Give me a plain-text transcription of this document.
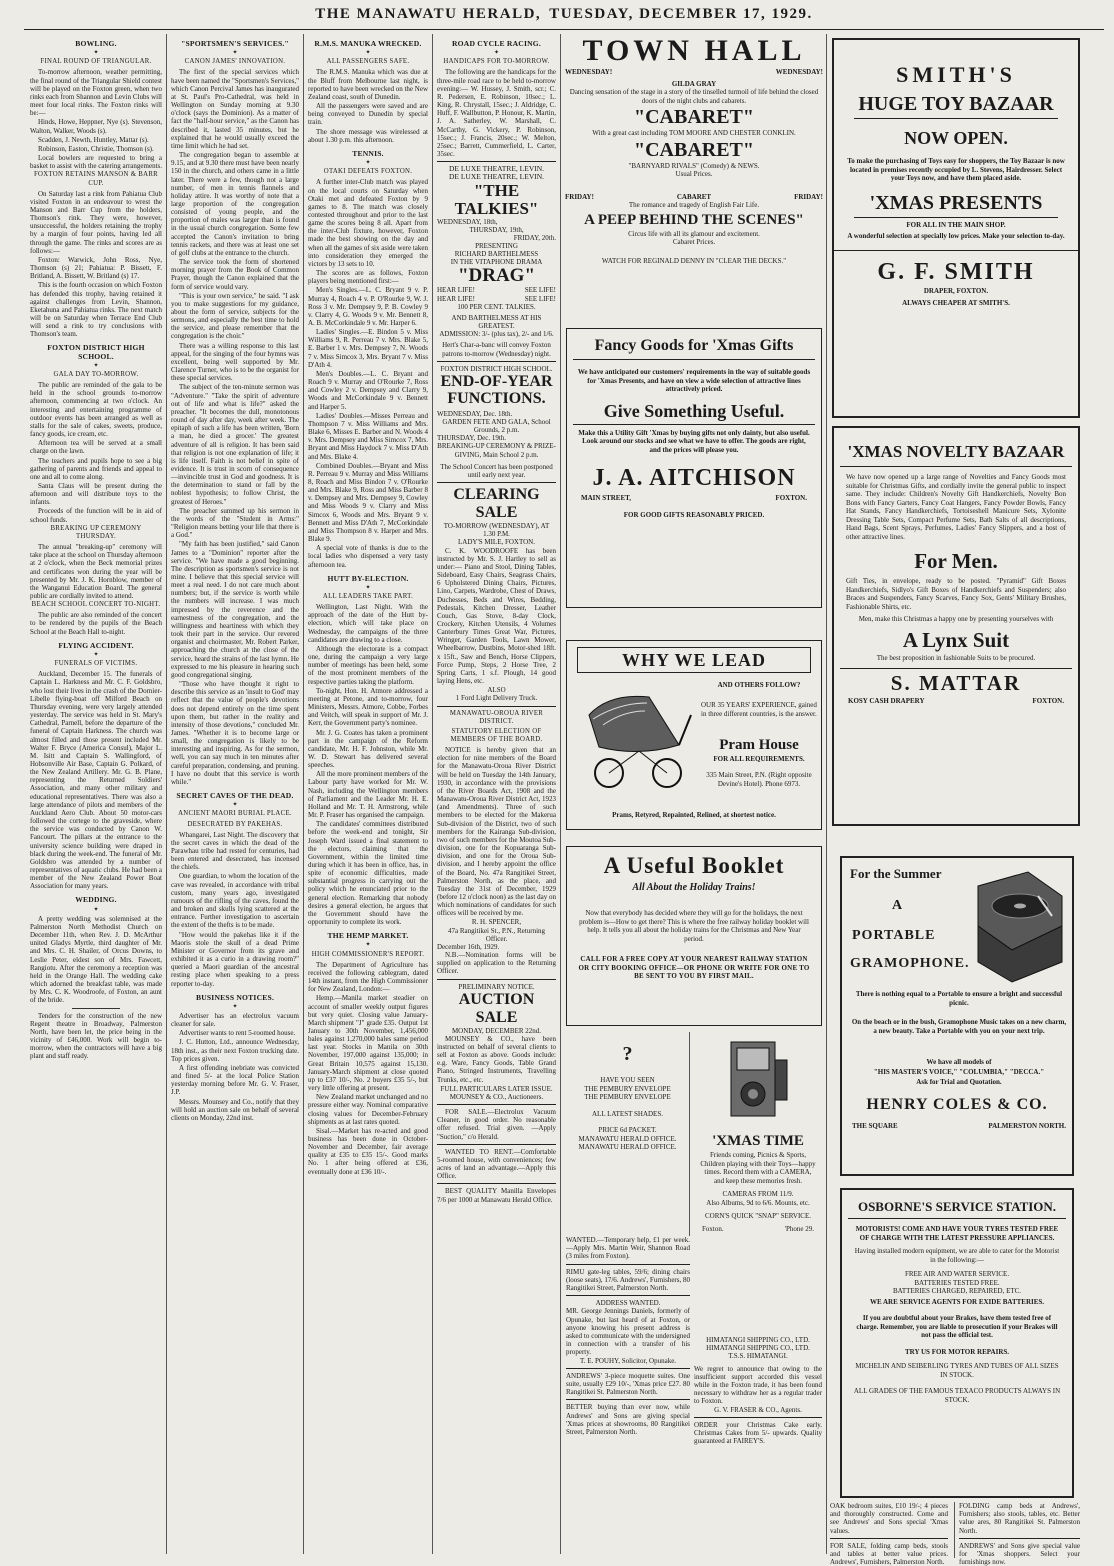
THE MANAWATU HERALD, TUESDAY, DECEMBER 17, 1929.
BOWLING.
✦
FINAL ROUND OF TRIANGULAR.

To-morrow afternoon, weather permitting, the final round of the Triangular Shield contest will be played on the Foxton green, when two rinks each from Shannon and Levin Clubs will meet four local rinks. The Foxton rinks will be:—

Hinds, Howe, Heppner, Nye (s). Stevenson, Walton, Walker, Woods (s).

Scadden, J. Newth, Huntley, Mattar (s).

Robinson, Easton, Christie, Thomson (s).

Local bowlers are requested to bring a basket to assist with the catering arrangements.

FOXTON RETAINS MANSON & BARR CUP.

On Saturday last a rink from Pahiatua Club visited Foxton in an endeavour to wrest the Manson and Barr Cup from the holders, Thomson's rink. They were, however, unsuccessful, the holders retaining the trophy by a margin of four points, having led all through the game. The rinks and scores are as follows:—

Foxton: Warwick, John Ross, Nye, Thomson (s) 21; Pahiatua: P. Bissett, F. Britland, A. Bissett, W. Britland (s) 17.

This is the fourth occasion on which Foxton has defended this trophy, having retained it against challenges from Levin, Shannon, Eketahuna and Pahiatua rinks. The next match will be on Saturday when Terrace End Club will send a rink to try conclusions with Thomson's team.

FOXTON DISTRICT HIGH SCHOOL.
✦
GALA DAY TO-MORROW.

The public are reminded of the gala to be held in the school grounds to-morrow afternoon, commencing at two o'clock. An interesting and entertaining programme of outdoor events has been arranged as well as stalls for the sale of cakes, sweets, produce, fancy goods, ice cream, etc.

Afternoon tea will be served at a small charge on the lawn.

The teachers and pupils hope to see a big gathering of parents and friends and appeal to one and all to come along.

Santa Claus will be present during the afternoon and will distribute toys to the infants.

Proceeds of the function will be in aid of school funds.

BREAKING UP CEREMONY THURSDAY.

The annual "breaking-up" ceremony will take place at the school on Thursday afternoon at 2 o'clock, when the Beck memorial prizes and certificates won during the year will be presented by Mr. J. K. Hornblow, member of the Wanganui Education Board. The general public are cordially invited to attend.

BEACH SCHOOL CONCERT TO-NIGHT.

The public are also reminded of the concert to be rendered by the pupils of the Beach School at the Beach Hall to-night.

FLYING ACCIDENT.
✦
FUNERALS OF VICTIMS.

Auckland, December 15. The funerals of Captain L. Harkness and Mr. C. F. Goldsbro, who lost their lives in the crash of the Dornier-Libelle flying-boat off Milford Beach on Thursday evening, were very largely attended yesterday. The service was held in St. Mary's Cathedral, Parnell, before the departure of the funeral of Captain Harkness. The church was almost filled and those present included Mr. Walter F. Bryce (America Consul), Major L. M. Isitt and Captain S. Wallingford, of Hobsonville Air Base, Captain G. Polkard, of the New Zealand Artillery. Mr. G. B. Plane, representing the Returned Soldiers' Association, and many other military and educational representatives. There was also a large attendance of pilots and members of the Auckland Aero Club. About 50 motor-cars followed the cortege to the graveside, where the service was conducted by Canon W. Fancourt. The pillars at the entrance to the university science building were draped in black during the week-end. The funeral of Mr. Goldsbro was attended by a number of representatives of aquatic clubs. He had been a member of the New Zealand Power Boat Association for many years.

WEDDING.
✦

A pretty wedding was solemnised at the Palmerston North Methodist Church on December 11th, when Rev. J. D. McArthur united Gladys Myrtle, third daughter of Mr. and Mrs. C. H. Shailer, of Orcus Downs, to Leslie Peter, eldest son of Mrs. Fawcett, Rangiotu. After the ceremony a reception was held in the Orange Hall. The wedding cake which adorned the breakfast table, was made by Mrs. C. K. Woodroofe, of Foxton, an aunt of the bride.

Tenders for the construction of the new Regent theatre in Broadway, Palmerston North, have been let, the price being in the vicinity of £46,000. Work will begin to-morrow, when the contractors will have a big plant and staff ready.

"SPORTSMEN'S SERVICES."
✦
CANON JAMES' INNOVATION.

The first of the special services which have been named the "Sportsmen's Services," which Canon Percival James has inaugurated at St. Paul's Pro-Cathedral, was held in Wellington on Sunday morning at 9.30 o'clock (says the Dominion). As a matter of fact the "half-hour service," as the Canon has described it, lasted 35 minutes, but he explained that he would usually exceed the time limit which he had set.

The congregation began to assemble at 9.15, and at 9.30 there must have been nearly 150 in the church, and others came in a little later. There were a few, though not a large number, of men in tennis flannels and holiday attire. It was worthy of note that a large proportion of the congregation consisted of young people, and the proportion of males was larger than is found in the usual church congregation. Some few accepted the Canon's invitation to bring tennis rackets, and there was at least one set of golf clubs at the entrance to the church.

The service took the form of shortened morning prayer from the Book of Common Prayer, though the Canon explained that the form of service would vary.

"This is your own service," he said. "I ask you to make suggestions for my guidance, about the form of service, subjects for the sermons, and especially the best time to hold the service, and please remember that the congregation is the choir."

There was a willing response to this last appeal, for the singing of the four hymns was excellent, being well supported by Mr. Clarence Turner, who is to be the organist for these special services.

The subject of the ten-minute sermon was "Adventure." "Take the spirit of adventure out of life and what is life?" asked the preacher. "It becomes the dull, monotonous round of day after day, week after week. The epitaph of such a life has been written, 'Born a man, he died a grocer.' The greatest adventure of all is religion. It has been said that religion is not one explanation of life; it is life itself. Faith is not belief in spite of evidence. It is trust in scorn of consequence—invincible trust in God and goodness. It is the determination to stand or fall by the noblest hypothesis; to follow Christ, the greatest of Heroes."

The preacher summed up his sermon in the words of the "Student in Arms:" "Religion means betting your life that there is a God."

"My faith has been justified," said Canon James to a "Dominion" reporter after the service. "We have made a good beginning. The description as sportsmen's service is not mine. I believe that this special service will meet a real need. I do not care much about numbers; but, if the service is worth while the numbers will increase. I was much impressed by the reverence and the earnestness of the congregation, and the willingness and heartiness with which they took their part in the service. Our revered organist and choirmaster, Mr. Robert Parker, approaching the church at the close of the service, heard the strains of the last hymn. He expressed to me his pleasure in hearing such good congregational singing.

"Those who have thought it right to describe this service as an 'insult to God' may reflect that the value of people's devotions does not depend entirely on the time spent upon them, but rather in the reality and intensity of those devotions," concluded Mr. James. "Whether it is to become large or small, the congregation is likely to be interesting and inspiring. As for the sermon, well, you can say much in ten minutes after careful preparation, condensing, and pruning. I have no doubt that this service is worth while."

SECRET CAVES OF THE DEAD.
✦
ANCIENT MAORI BURIAL PLACE.
DESECRATED BY PAKEHAS.

Whangarei, Last Night. The discovery that the secret caves in which the dead of the Parawhau tribe had rested for centuries, had been entered and desecrated, has incensed the chiefs.

One guardian, to whom the location of the cave was revealed, in accordance with tribal custom, many years ago, investigated rumours of the rifling of the caves, found the and broken and skulls lying scattered at the entrance. Further investigation to ascertain the extent of the thefts is to be made.

"How would the pakehas like it if the Maoris stole the skull of a dead Prime Minister or Governor from its grave and exhibited it as a curio in a drawing room?" queried a Maori guardian of the ancestral resting place when speaking to a press reporter to-day.

BUSINESS NOTICES.
✦

Advertiser has an electrolux vacuum cleaner for sale.

Advertiser wants to rent 5-roomed house.

J. C. Hutton, Ltd., announce Wednesday, 18th inst., as their next Foxton trucking date. Top prices given.

A first offending inebriate was convicted and fined 5/- at the local Police Station yesterday morning before Mr. G. V. Fraser, J.P.

Messrs. Mounsey and Co., notify that they will hold an auction sale on behalf of several clients on Monday, 22nd inst.

R.M.S. MANUKA WRECKED.
✦
ALL PASSENGERS SAFE.

The R.M.S. Manuka which was due at the Bluff from Melbourne last night, is reported to have been wrecked on the New Zealand coast, south of Dunedin.

All the passengers were saved and are being conveyed to Dunedin by special train.

The shore message was wirelessed at about 1.30 p.m. this afternoon.

TENNIS.
✦
OTAKI DEFEATS FOXTON.

A further inter-Club match was played on the local courts on Saturday when Otaki met and defeated Foxton by 9 games to 8. The match was closely contested throughout and prior to the last game the scores being 8 all. Apart from the inter-Club fixture, however, Foxton made the best showing on the day and when all the games of six aside were taken into consideration they emerged the victors by 13 sets to 10.

The scores are as follows, Foxton players being mentioned first:—

Men's Singles.—L. C. Bryant 9 v. P. Murray 4, Roach 4 v. P. O'Rourke 9, W. J. Ross 3 v. Mr. Dempsey 9, P. B. Cowley 9 v. Clarry 4, G. Woods 9 v. Mr. Bennett 8, A. B. McCorkindale 9 v. Mr. Harper 6.

Ladies' Singles.—E. Bindon 5 v. Miss Williams 9, R. Perreau 7 v. Mrs. Blake 5, E. Barber 1 v. Mrs. Dempsey 7, N. Woods 7 v. Miss Simcox 3, Mrs. Bryant 7 v. Miss D'Ath 4.

Men's Doubles.—L. C. Bryant and Roach 9 v. Murray and O'Rourke 7, Ross and Cowley 2 v. Dempsey and Clarry 9, Woods and McCorkindale 9 v. Bennett and Harper 5.

Ladies' Doubles.—Misses Perreau and Thompson 7 v. Miss Williams and Mrs. Blake 6, Misses E. Barber and N. Woods 4 v. Mrs. Dempsey and Miss Simcox 7, Mrs. Bryant and Miss Haydock 7 v. Miss D'Ath and Mrs. Blake 4.

Combined Doubles.—Bryant and Miss R. Perreau 9 v. Murray and Miss Williams 8, Roach and Miss Bindon 7 v. O'Rourke and Mrs. Blake 9, Ross and Miss Barber 8 v. Dempsey and Mrs. Dempsey 9, Cowley and Miss Woods 9 v. Clarry and Miss Simcox 6, Woods and Mrs. Bryant 9 v. Bennett and Miss D'Ath 7, McCorkindale and Miss Thompson 8 v. Harper and Mrs. Blake 9.

A special vote of thanks is due to the local ladies who dispensed a very tasty afternoon tea.

HUTT BY-ELECTION.
✦
ALL LEADERS TAKE PART.

Wellington, Last Night. With the approach of the date of the Hutt by-election, which will take place on Wednesday, the campaigns of the three candidates are drawing to a close.

Although the electorate is a compact one, during the campaign a very large number of meetings has been held, some of the most prominent members of the respective parties taking the platform.

To-night, Hon. H. Atmore addressed a meeting at Petone, and to-morrow, four Ministers, Messrs. Atmore, Cobbe, Forbes and Veitch, will speak in support of Mr. J. Kerr, the Government party's nominee.

Mr. J. G. Coates has taken a prominent part in the campaign of the Reform candidate, Mr. H. F. Johnston, while Mr. W. D. Stewart has delivered several speeches.

All the more prominent members of the Labour party have worked for Mr. W. Nash, including the Wellington members of Parliament and the Leader Mr. H. E. Holland and Mr. T. H. Armstrong, while Mr. P. Fraser has organised the campaign.

The candidates' committees distributed before the week-end and tonight, Sir Joseph Ward issued a final statement to the electors, claiming that the Government, within the limited time during which it has been in office, has, in spite of economic difficulties, made substantial progress in carrying out the policy which he enunciated prior to the general election. Remarking that nobody desires a general election, he argues that the Government should have the opportunity to complete its work.

THE HEMP MARKET.
✦
HIGH COMMISSIONER'S REPORT.

The Department of Agriculture has received the following cablegram, dated 14th instant, from the High Commissioner for New Zealand, London:—

Hemp.—Manila market steadier on account of smaller weekly output figures but very quiet. Closing value January-March shipment "J" grade £35. Output 1st January to 30th November, 1,456,000 bales against 1,270,000 bales same period last year. Stocks in Manila on 30th November, 197,000 against 135,000; in Great Britain 10,575 against 15,130. January-March shipment at close quoted up to £37 10/-, No. 2 buyers £35 5/-, but very little offering at present.

New Zealand market unchanged and no pressure either way. Nominal comparative closing values for December-February shipments as at last rates quoted.

Sisal.—Market has re-acted and good business has been done in October-November and December, fair average quality at £35 to £35 15/-. Good marks No. 1 after being offered at £36, eventually done at £36 10/-.

ROAD CYCLE RACING.
✦
HANDICAPS FOR TO-MORROW.

The following are the handicaps for the three-mile road race to be held to-morrow evening:— W. Hussey, J. Smith, scr.; C. R. Pedersen, E. Robinson, 10sec.; L. King, R. Chrystall, 15sec.; J. Aldridge, C. Huff, F. Wallbutton, P. Honour, K. Martin, J. A. Satherley, W. Marshall, C. McCarthy, G. Vickery, P. Robinson, 15sec.; J. Francis, 20sec.; W. Melton, 25sec.; Barrett, Cummerfield, L. Carter, 35sec.

DE LUXE THEATRE, LEVIN.
DE LUXE THEATRE, LEVIN.
"THE TALKIES"
WEDNESDAY, 18th,
THURSDAY, 19th,
FRIDAY, 20th.
PRESENTING
RICHARD BARTHELMESS
IN THE VITAPHONE DRAMA
"DRAG"
HEAR LIFE!	SEE LIFE!
HEAR LIFE!	SEE LIFE!
100 PER CENT. TALKIES.
AND BARTHELMESS AT HIS GREATEST.
ADMISSION: 3/- (plus tax), 2/- and 1/6.
Hert's Char-a-banc will convey Foxton patrons to-morrow (Wednesday) night.
FOXTON DISTRICT HIGH SCHOOL.
END-OF-YEAR
FUNCTIONS.
WEDNESDAY, Dec. 18th.
GARDEN FETE AND GALA, School Grounds, 2 p.m.
THURSDAY, Dec. 19th.
BREAKING-UP CEREMONY & PRIZE-GIVING, Main School 2 p.m.
The School Concert has been postponed until early next year.
CLEARING SALE
TO-MORROW (WEDNESDAY), AT 1.30 P.M.
LADY'S MILE, FOXTON.

C. K. WOODROOFE has been instructed by Mr. S. J. Hartley to sell as under:— Piano and Stool, Dining Tables, Sideboard, Easy Chairs, Seagrass Chairs, 6 Upholstered Dining Chairs, Pictures, Lino, Carpets, Wardrobe, Chest of Draws, Duchesses, Beds and Wires, Bedding, Pedestals, Kitchen Dresser, Leather Couch, Gas Stove, 8-day Clock, Crockery, Kitchen Utensils, 4 Volumes Canterbury Times Great War, Pictures, Wringer, Garden Tools, Lawn Mower, Wheelbarrow, Dustbins, Motor-shed 18ft. x 15ft., Saw and Bench, Horse Clippers, Force Pump, Steps, 2 Horse Tree, 2 Spring Carts, 1 s.f. Plough, 14 good laying Hens, etc.

ALSO
1 Ford Light Delivery Truck.
MANAWATU-OROUA RIVER DISTRICT.
STATUTORY ELECTION OF MEMBERS OF THE BOARD.

NOTICE is hereby given that an election for nine members of the Board for the Manawatu-Oroua River District will be held on Tuesday the 14th January, 1930, in accordance with the provisions of the River Boards Act, 1908 and the Manawatu-Oroua River District Act, 1923 (and Amendments). Three of such members to be elected for the Makerua Sub-division of the District, two of such members for the Kairanga Sub-division, two of such members for the Moutoa Sub-division, one for the Kopuaranga Sub-division, and one for the Oroua Sub-division, and I hereby appoint the office of the Board, No. 47a Rangitikei Street, Palmerston North, as the place, and Tuesday the 31st of December, 1929 (before 12 o'clock noon) as the last day on which nominations of candidates for such offices will be received by me.

R. H. SPENCER,
47a Rangitikei St., P.N., Returning Officer.
December 16th, 1929.

N.B.—Nomination forms will be supplied on application to the Returning Officer.

PRELIMINARY NOTICE.
AUCTION SALE
MONDAY, DECEMBER 22nd.

MOUNSEY & CO., have been instructed on behalf of several clients to sell at Foxton as above. Goods include: e.g. Ware, Fancy Goods, Table Grand Piano, Stringed Instruments, Travelling Trunks, etc., etc.

FULL PARTICULARS LATER ISSUE.
MOUNSEY & CO., Auctioneers.

FOR SALE.—Electrolux Vacuum Cleaner, in good order. No reasonable offer refused. Trial given. —Apply "Suction," c/o Herald.

WANTED TO RENT.—Comfortable 5-roomed house, with conveniences; few acres of land an advantage.—Apply this Office.

BEST QUALITY Manilla Envelopes 7/6 per 1000 at Manawatu Herald Office.

TOWN HALL
WEDNESDAY!	WEDNESDAY!
GILDA GRAY
Dancing sensation of the stage in a story of the tinselled turmoil of life behind the closed doors of the night clubs and cabarets.
"CABARET"
With a great cast including TOM MOORE AND CHESTER CONKLIN.
"CABARET"
"BARNYARD RIVALS" (Comedy) & NEWS.
Usual Prices.
FRIDAY!	CABARET	FRIDAY!
The romance and tragedy of English Fair Life.
A PEEP BEHIND THE SCENES"
Circus life with all its glamour and excitement.
Cabaret Prices.
WATCH FOR REGINALD DENNY IN "CLEAR THE DECKS."
Fancy Goods for 'Xmas Gifts
We have anticipated our customers' requirements in the way of suitable goods for 'Xmas Presents, and have on view a wide selection of attractive lines attractively priced.
Give Something Useful.
Make this a Utility Gift 'Xmas by buying gifts not only dainty, but also useful. Look around our stocks and see what we have to offer. The goods are right, and the prices will please you.
J. A. AITCHISON
MAIN STREET,	FOXTON.
FOR GOOD GIFTS REASONABLY PRICED.
WHY WE LEAD
AND OTHERS FOLLOW?
OUR 35 YEARS' EXPERIENCE, gained in three different countries, is the answer.
Pram House
FOR ALL REQUIREMENTS.
335 Main Street, P.N. (Right opposite Devine's Hotel). Phone 6973.
Prams, Retyred, Repainted, Relined, at shortest notice.
A Useful Booklet
All About the Holiday Trains!
Now that everybody has decided where they will go for the holidays, the next problem is—How to get there? This is where the free railway holiday booklet will help. It tells you all about the holiday trains for the Christmas and New Year period.
CALL FOR A FREE COPY AT YOUR NEAREST RAILWAY STATION OR CITY BOOKING OFFICE—OR PHONE OR WRITE FOR ONE TO BE SENT TO YOU BY FIRST MAIL.
?
HAVE YOU SEEN
THE PEMBURY ENVELOPE
THE PEMBURY ENVELOPE
ALL LATEST SHADES.
PRICE 6d PACKET.
MANAWATU HERALD OFFICE.
MANAWATU HERALD OFFICE.	'XMAS TIME
Friends coming, Picnics & Sports, Children playing with their Toys—happy times. Record them with a CAMERA, and keep these memories fresh.
CAMERAS FROM 11/9.
Also Albums, 9d to 6/6. Mounts, etc.
CORN'S QUICK "SNAP" SERVICE.
Foxton.	'Phone 29.

WANTED.—Temporary help, £1 per week.—Apply Mrs. Martin Weir, Shannon Road (3 miles from Foxton).

RIMU gate-leg tables, 59/6; dining chairs (loose seats), 17/6. Andrews', Furnishers, 80 Rangitikei Street, Palmerston North.

ADDRESS WANTED.

MR. George Jennings Daniels, formerly of Opunake, but last heard of at Foxton, or anyone knowing his present address is asked to communicate with the undersigned in connection with a transfer of his property.

T. E. POUHY, Solicitor, Opunake.

ANDREWS' 3-piece moquette suites. One suite, usually £29 10/-, 'Xmas price £27. 80 Rangitikei St. Palmerston North.

BETTER buying than ever now, while Andrews' and Sons are giving special 'Xmas prices at showrooms, 80 Rangitikei Street, Palmerston North.

HIMATANGI SHIPPING CO., LTD.
HIMATANGI SHIPPING CO., LTD.
T.S.S. HIMATANGI.

We regret to announce that owing to the insufficient support accorded this vessel while in the Foxton trade, it has been found necessary to withdraw her as a regular trader to Foxton.

G. V. FRASER & CO., Agents.

ORDER your Christmas Cake early. Christmas Cakes from 5/- upwards. Quality guaranteed at FAIREY'S.

SMITH'S
HUGE TOY BAZAAR
NOW OPEN.
To make the purchasing of Toys easy for shoppers, the Toy Bazaar is now located in premises recently occupied by L. Stevens, Hairdresser. Select your Toys now, and have them placed aside.
'XMAS PRESENTS
FOR ALL IN THE MAIN SHOP.
A wonderful selection at specially low prices. Make your selection to-day.
G. F. SMITH
DRAPER, FOXTON.
ALWAYS CHEAPER AT SMITH'S.
'XMAS NOVELTY BAZAAR
We have now opened up a large range of Novelties and Fancy Goods most suitable for Christmas Gifts, and cordially invite the general public to inspect same. They include: Children's Novelty Gift Handkerchiefs, Novelty Bon Bons with Fancy Garters, Fancy Coat Hangers, Fancy Powder Bowls, Fancy Hat Stands, Fancy Handkerchiefs, Tortoiseshell Manicure Sets, Xylonite Dressing Table Sets, Compact Perfume Sets, Bath Salts of all descriptions, Hand Bags, Scent Sprays, Perfumes, Ladies' Fancy Slippers, and a host of other attractive lines.
For Men.
Gift Ties, in envelope, ready to be posted. "Pyramid" Gift Boxes Handkerchiefs, Sidlyo's Gift Boxes of Handkerchiefs and Suspenders; also Braces and Suspenders, Fancy Scarves, Fancy Sox, Gents' Military Brushes, Fashionable Shirts, etc.
Men, make this Christmas a happy one by presenting yourselves with
A Lynx Suit
The best proposition in fashionable Suits to be procured.
S. MATTAR
KOSY CASH DRAPERY	FOXTON.
For the Summer
A
PORTABLE
GRAMOPHONE.
There is nothing equal to a Portable to ensure a bright and successful picnic.
On the beach or in the bush, Gramophone Music takes on a new charm, a new beauty. Take a Portable with you on your next trip.
We have all models of
"HIS MASTER'S VOICE," "COLUMBIA," "DECCA."
Ask for Trial and Quotation.
HENRY COLES & CO.
THE SQUARE	PALMERSTON NORTH.
OSBORNE'S SERVICE STATION.
MOTORISTS! COME AND HAVE YOUR TYRES TESTED FREE OF CHARGE WITH THE LATEST PRESSURE APPLIANCES.
Having installed modern equipment, we are able to cater for the Motorist in the following:—
FREE AIR AND WATER SERVICE.
BATTERIES TESTED FREE.
BATTERIES CHARGED, REPAIRED, ETC.
WE ARE SERVICE AGENTS FOR EXIDE BATTERIES.
If you are doubtful about your Brakes, have them tested free of charge. Remember, you are liable to prosecution if your Brakes will not pass the official test.
TRY US FOR MOTOR REPAIRS.
MICHELIN AND SEIBERLING TYRES AND TUBES OF ALL SIZES IN STOCK.
ALL GRADES OF THE FAMOUS TEXACO PRODUCTS ALWAYS IN STOCK.

OAK bedroom suites, £10 19/-; 4 pieces and thoroughly constructed. Come and see Andrews' and Sons special 'Xmas values.

FOR SALE, folding camp beds, stools and tables at better value prices. Andrews', Furnishers, Palmerston North.

FOLDING camp beds at Andrews', Furnishers; also stools, tables, etc. Better value ares, 80 Rangitikei St. Palmerston North.

ANDREWS' and Sons give special value for 'Xmas shoppers. Select your furnishings now.
